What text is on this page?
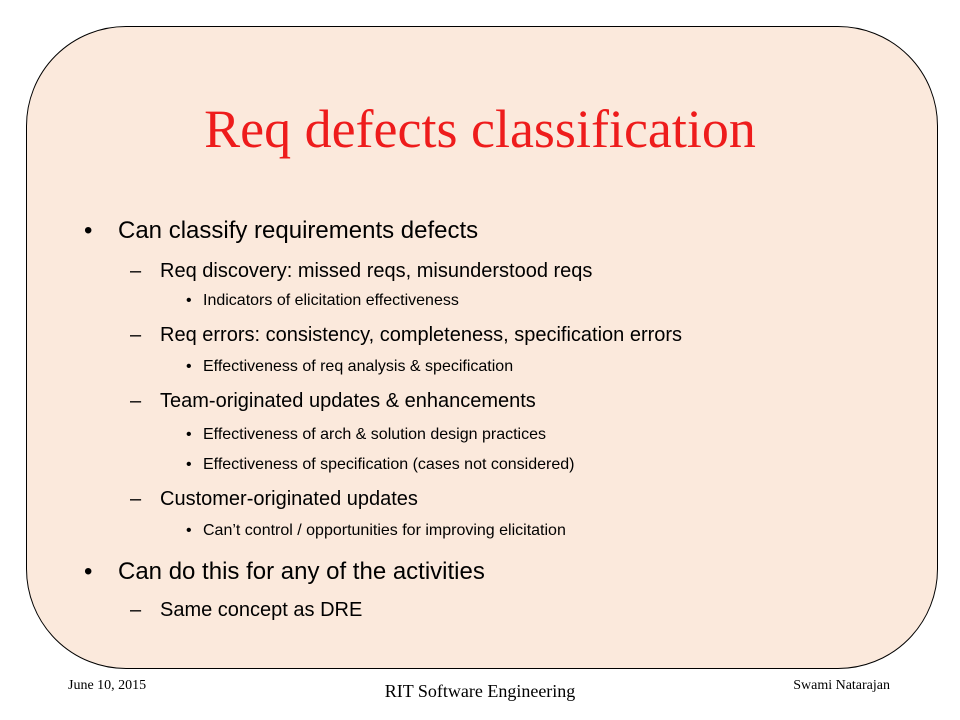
Req defects classification
• Can classify requirements defects
– Req discovery: missed reqs, misunderstood reqs
• Indicators of elicitation effectiveness
– Req errors: consistency, completeness, specification errors
• Effectiveness of req analysis & specification
– Team-originated updates & enhancements
• Effectiveness of arch & solution design practices
• Effectiveness of specification (cases not considered)
– Customer-originated updates
• Can’t control / opportunities for improving elicitation
• Can do this for any of the activities
– Same concept as DRE
June 10, 2015	RIT Software Engineering	Swami Natarajan
